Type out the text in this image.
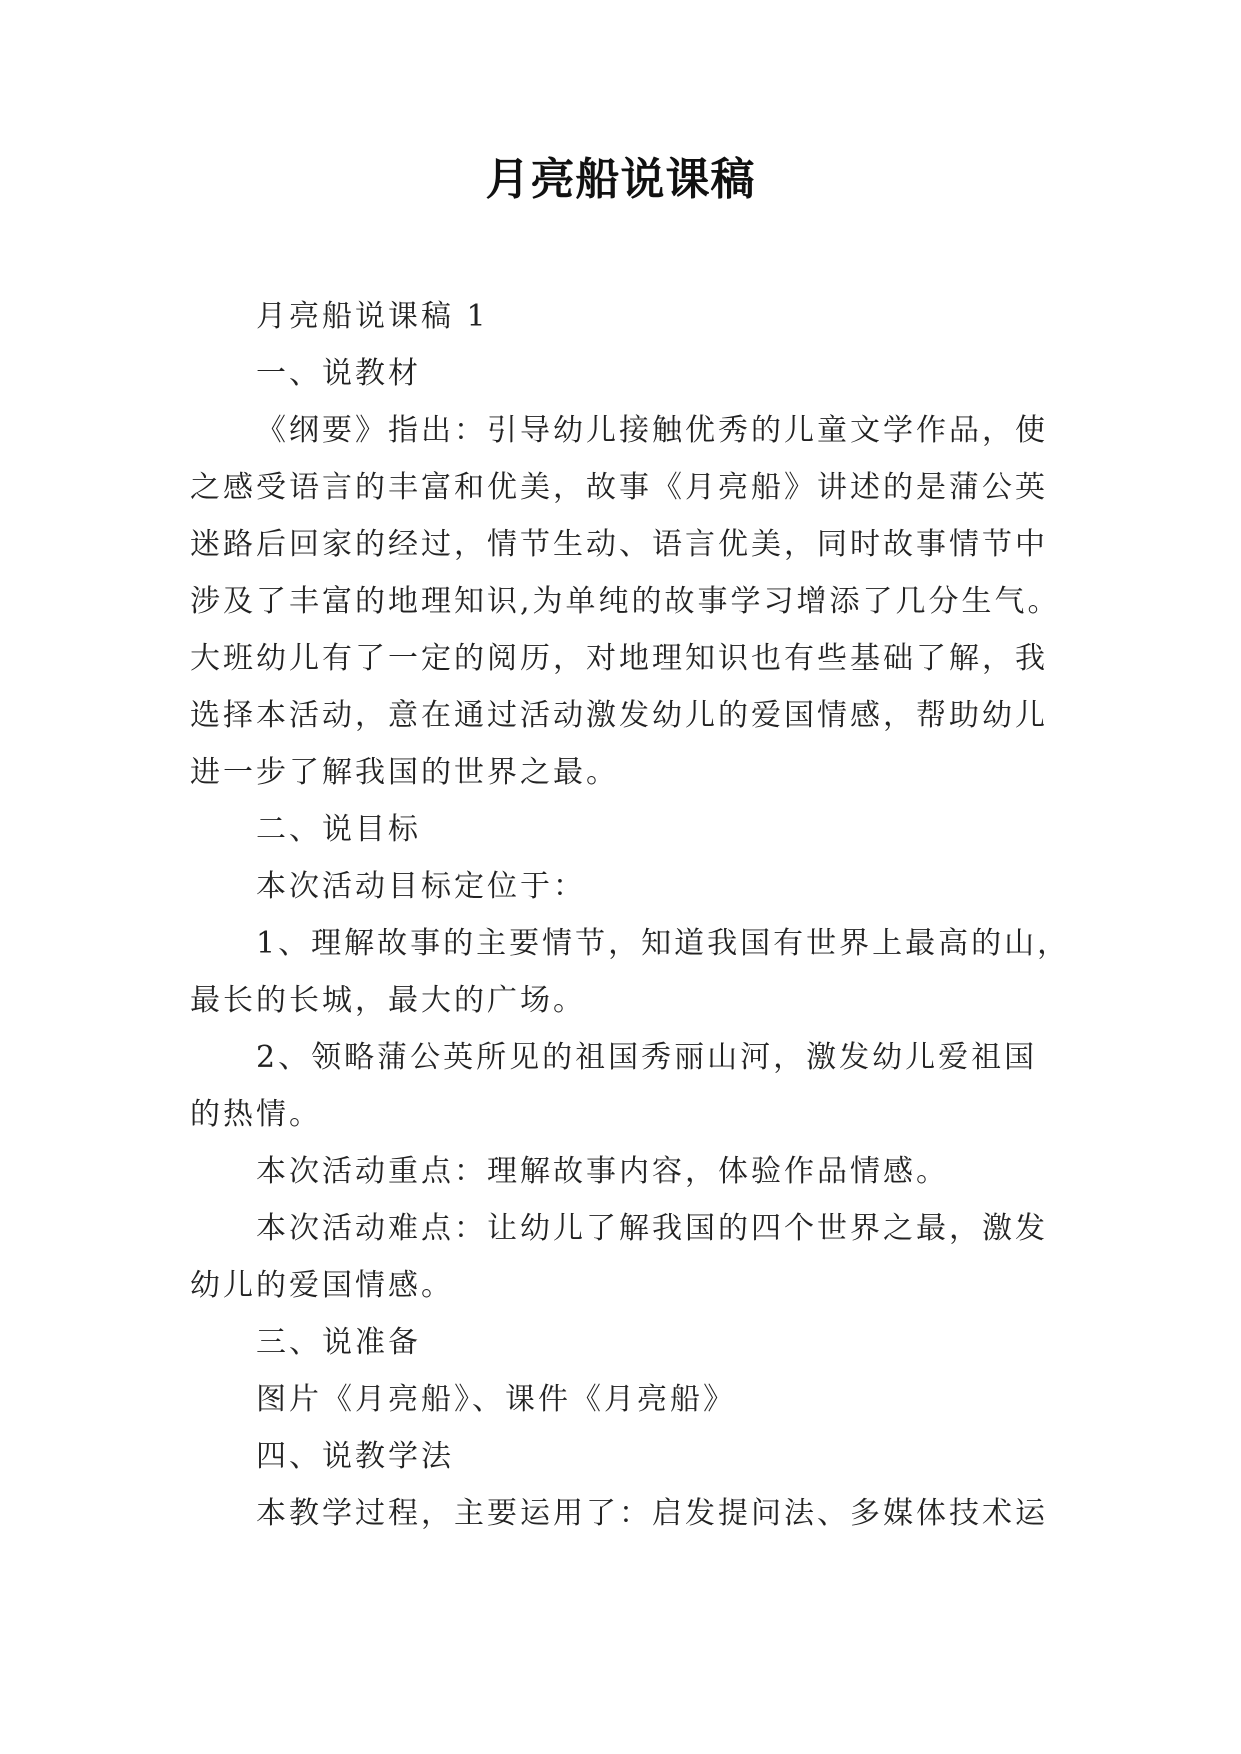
月亮船说课稿

月亮船说课稿 1

一、说教材

《纲要》指出：引导幼儿接触优秀的儿童文学作品，使

之感受语言的丰富和优美，故事《月亮船》讲述的是蒲公英

迷路后回家的经过，情节生动、语言优美，同时故事情节中

涉及了丰富的地理知识,为单纯的故事学习增添了几分生气。

大班幼儿有了一定的阅历，对地理知识也有些基础了解，我

选择本活动，意在通过活动激发幼儿的爱国情感，帮助幼儿

进一步了解我国的世界之最。

二、说目标

本次活动目标定位于：

1、理解故事的主要情节，知道我国有世界上最高的山，

最长的长城，最大的广场。

2、领略蒲公英所见的祖国秀丽山河，激发幼儿爱祖国

的热情。

本次活动重点：理解故事内容，体验作品情感。

本次活动难点：让幼儿了解我国的四个世界之最，激发

幼儿的爱国情感。

三、说准备

图片《月亮船》、课件《月亮船》

四、说教学法

本教学过程，主要运用了：启发提问法、多媒体技术运
